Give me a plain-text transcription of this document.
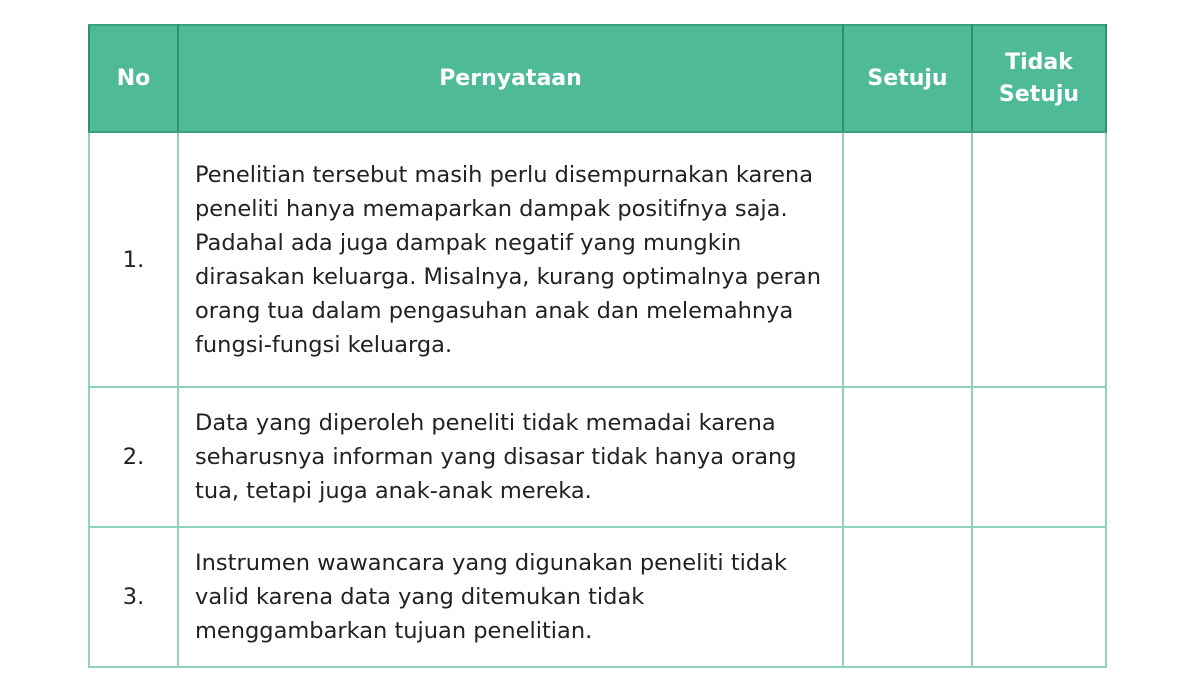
No	Pernyataan	Setuju	Tidak Setuju
1.	Penelitian tersebut masih perlu disempurnakan karena peneliti hanya memaparkan dampak positifnya saja. Padahal ada juga dampak negatif yang mungkin dirasakan keluarga. Misalnya, kurang optimalnya peran orang tua dalam pengasuhan anak dan melemahnya fungsi-fungsi keluarga.		
2.	Data yang diperoleh peneliti tidak memadai karena seharusnya informan yang disasar tidak hanya orang tua, tetapi juga anak-anak mereka.		
3.	Instrumen wawancara yang digunakan peneliti tidak valid karena data yang ditemukan tidak menggambarkan tujuan penelitian.		
